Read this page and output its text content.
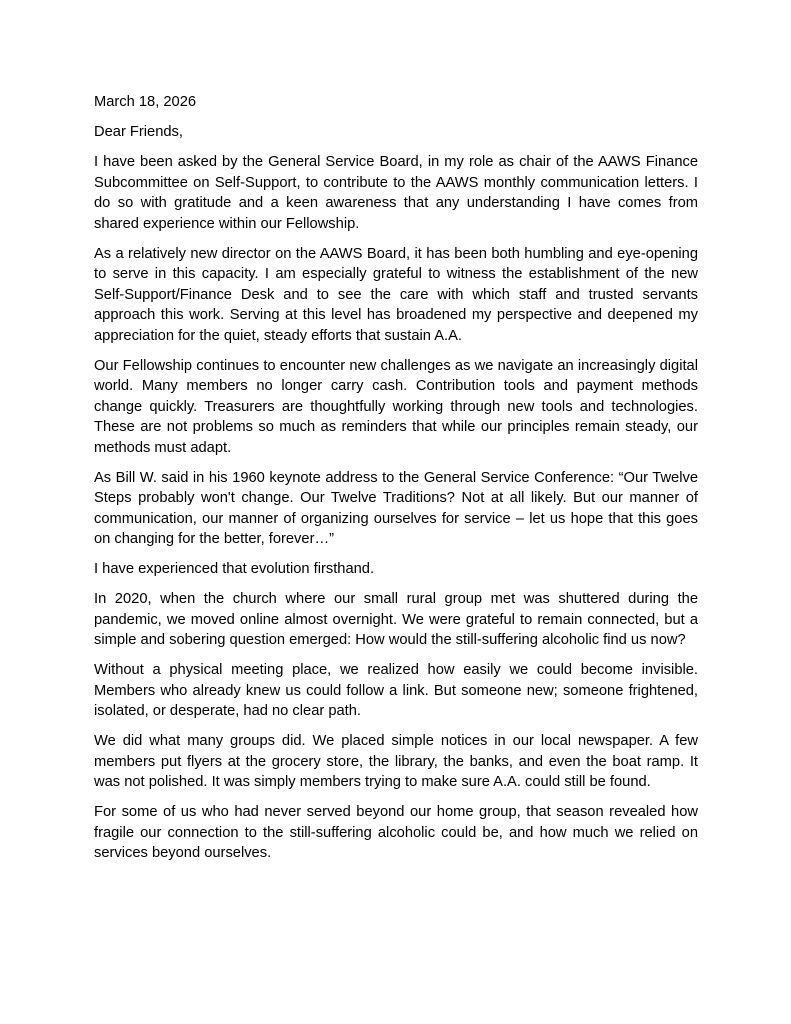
March 18, 2026

Dear Friends,

I have been asked by the General Service Board, in my role as chair of the AAWS Finance Subcommittee on Self-Support, to contribute to the AAWS monthly communication letters. I do so with gratitude and a keen awareness that any understanding I have comes from shared experience within our Fellowship.

As a relatively new director on the AAWS Board, it has been both humbling and eye-opening to serve in this capacity. I am especially grateful to witness the establishment of the new Self-Support/Finance Desk and to see the care with which staff and trusted servants approach this work. Serving at this level has broadened my perspective and deepened my appreciation for the quiet, steady efforts that sustain A.A.

Our Fellowship continues to encounter new challenges as we navigate an increasingly digital world. Many members no longer carry cash. Contribution tools and payment methods change quickly. Treasurers are thoughtfully working through new tools and technologies. These are not problems so much as reminders that while our principles remain steady, our methods must adapt.

As Bill W. said in his 1960 keynote address to the General Service Conference: “Our Twelve Steps probably won't change. Our Twelve Traditions? Not at all likely. But our manner of communication, our manner of organizing ourselves for service – let us hope that this goes on changing for the better, forever…”

I have experienced that evolution firsthand.

In 2020, when the church where our small rural group met was shuttered during the pandemic, we moved online almost overnight. We were grateful to remain connected, but a simple and sobering question emerged: How would the still-suffering alcoholic find us now?

Without a physical meeting place, we realized how easily we could become invisible. Members who already knew us could follow a link. But someone new; someone frightened, isolated, or desperate, had no clear path.

We did what many groups did. We placed simple notices in our local newspaper. A few members put flyers at the grocery store, the library, the banks, and even the boat ramp. It was not polished. It was simply members trying to make sure A.A. could still be found.

For some of us who had never served beyond our home group, that season revealed how fragile our connection to the still-suffering alcoholic could be, and how much we relied on services beyond ourselves.
